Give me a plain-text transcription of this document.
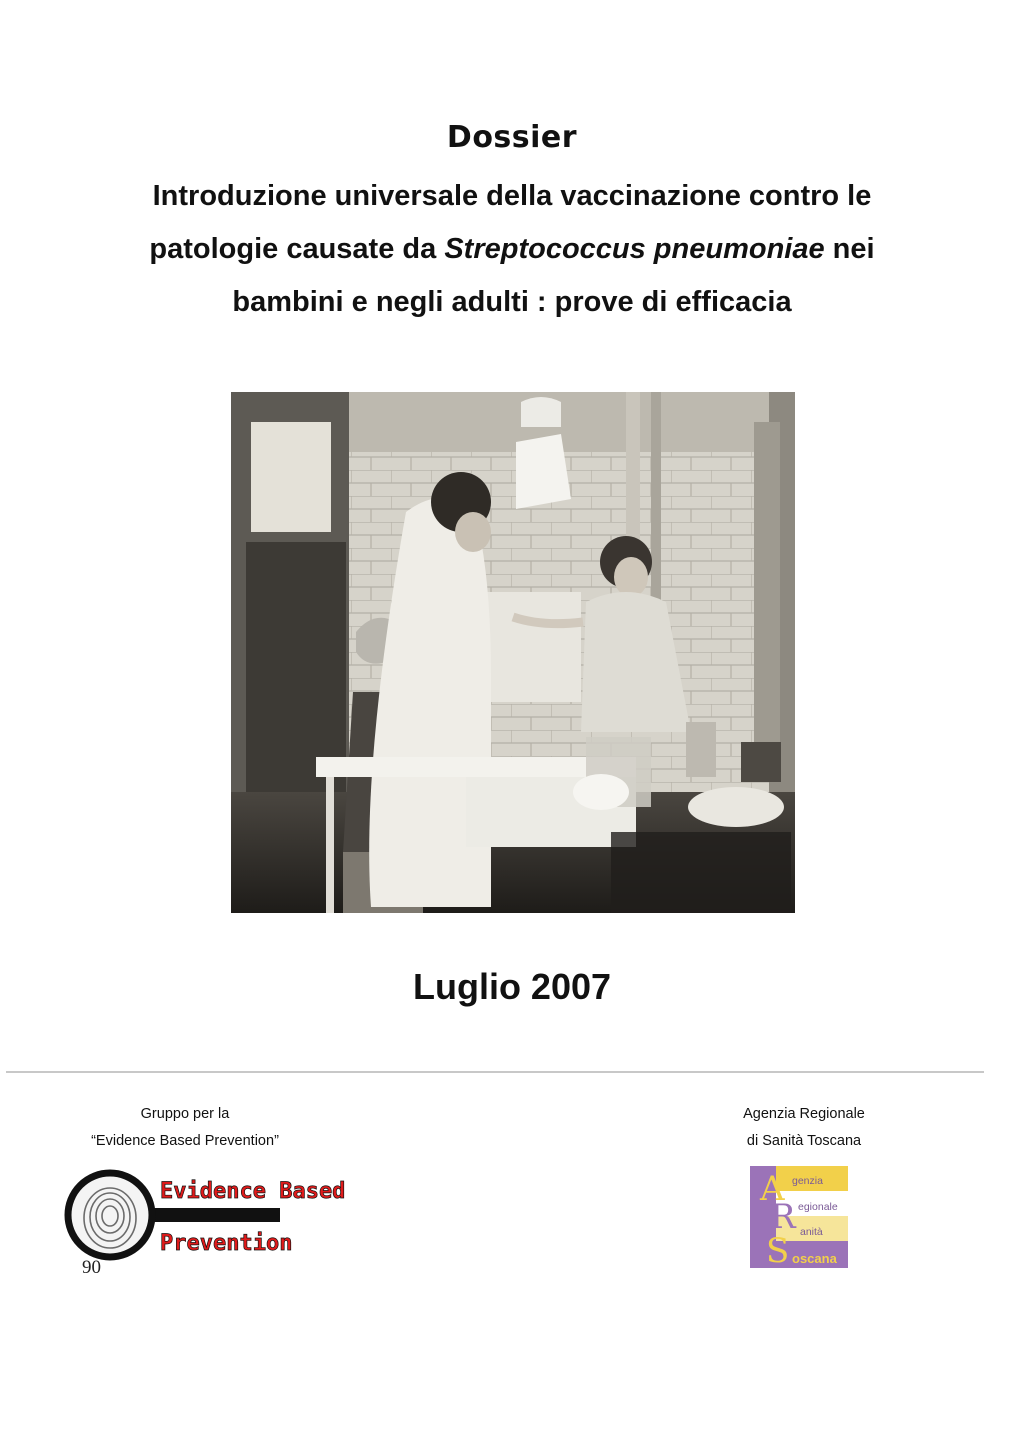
Dossier
Introduzione universale della vaccinazione contro le
patologie causate da Streptococcus pneumoniae nei
bambini e negli adulti : prove di efficacia
Luglio 2007
Gruppo per la
“Evidence Based Prevention”
Evidence Based
Prevention
90
Agenzia Regionale
di Sanità Toscana
A
R
S
genzia
egionale
anità
oscana
